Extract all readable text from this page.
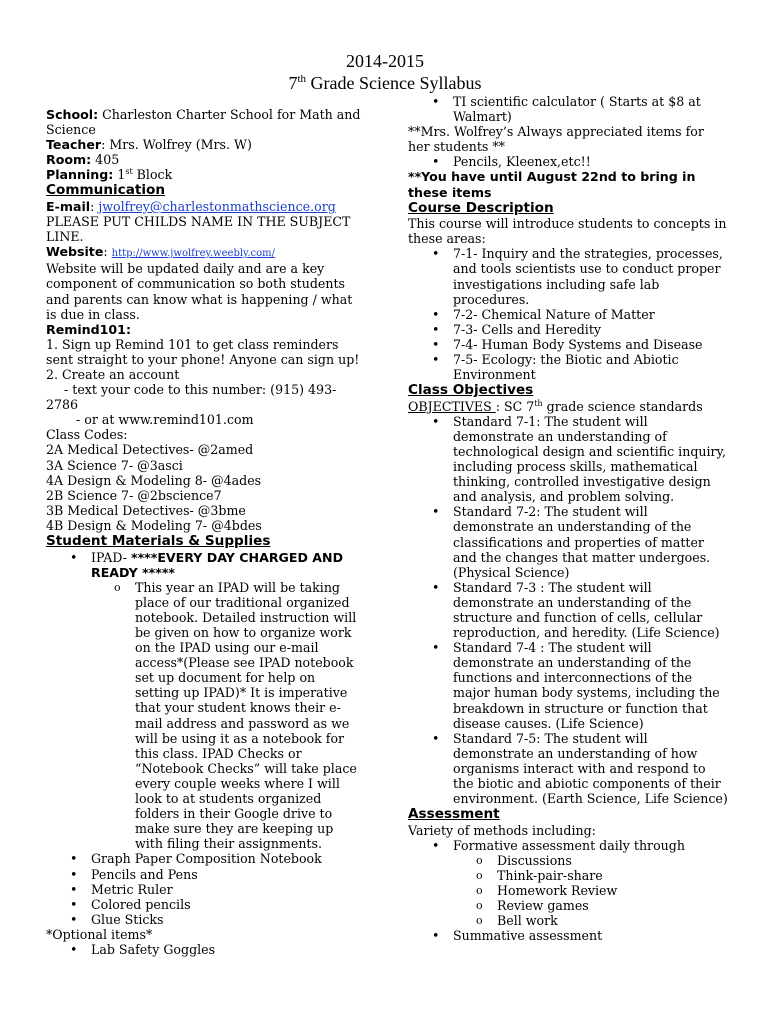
2014-2015
7th Grade Science Syllabus

School: Charleston Charter School for Math and Science

Teacher: Mrs. Wolfrey (Mrs. W)

Room: 405

Planning: 1st Block

Communication

E-mail: jwolfrey@charlestonmathscience.org

PLEASE PUT CHILDS NAME IN THE SUBJECT LINE.

Website: http://www.jwolfrey.weebly.com/

Website will be updated daily and are a key component of communication so both students and parents can know what is happening / what is due in class.

Remind101:

1. Sign up Remind 101 to get class reminders sent straight to your phone! Anyone can sign up!

2. Create an account

- text your code to this number: (915) 493-2786

- or at www.remind101.com

Class Codes:

2A Medical Detectives- @2amed

3A Science 7- @3asci

4A Design & Modeling 8- @4ades

2B Science 7- @2bscience7

3B Medical Detectives- @3bme

4B Design & Modeling 7- @4bdes

Student Materials & Supplies

• IPAD- ****EVERY DAY CHARGED AND READY *****
o This year an IPAD will be taking place of our traditional organized notebook. Detailed instruction will be given on how to organize work on the IPAD using our e-mail access*(Please see IPAD notebook set up document for help on setting up IPAD)* It is imperative that your student knows their e-mail address and password as we will be using it as a notebook for this class. IPAD Checks or “Notebook Checks” will take place every couple weeks where I will look to at students organized folders in their Google drive to make sure they are keeping up with filing their assignments.
• Graph Paper Composition Notebook
• Pencils and Pens
• Metric Ruler
• Colored pencils
• Glue Sticks

*Optional items*

• Lab Safety Goggles
• TI scientific calculator ( Starts at $8 at Walmart)

**Mrs. Wolfrey’s Always appreciated items for her students **

• Pencils, Kleenex,etc!!

**You have until August 22nd to bring in these items

Course Description

This course will introduce students to concepts in these areas:

• 7-1- Inquiry and the strategies, processes, and tools scientists use to conduct proper investigations including safe lab procedures.
• 7-2- Chemical Nature of Matter
• 7-3- Cells and Heredity
• 7-4- Human Body Systems and Disease
• 7-5- Ecology: the Biotic and Abiotic Environment

Class Objectives

OBJECTIVES : SC 7th grade science standards

• Standard 7-1: The student will demonstrate an understanding of technological design and scientific inquiry, including process skills, mathematical thinking, controlled investigative design and analysis, and problem solving.
• Standard 7-2: The student will demonstrate an understanding of the classifications and properties of matter and the changes that matter undergoes. (Physical Science)
• Standard 7-3 : The student will demonstrate an understanding of the structure and function of cells, cellular reproduction, and heredity. (Life Science)
• Standard 7-4 : The student will demonstrate an understanding of the functions and interconnections of the major human body systems, including the breakdown in structure or function that disease causes. (Life Science)
• Standard 7-5: The student will demonstrate an understanding of how organisms interact with and respond to the biotic and abiotic components of their environment. (Earth Science, Life Science)

Assessment

Variety of methods including:

• Formative assessment daily through
o Discussions
o Think-pair-share
o Homework Review
o Review games
o Bell work
• Summative assessment
